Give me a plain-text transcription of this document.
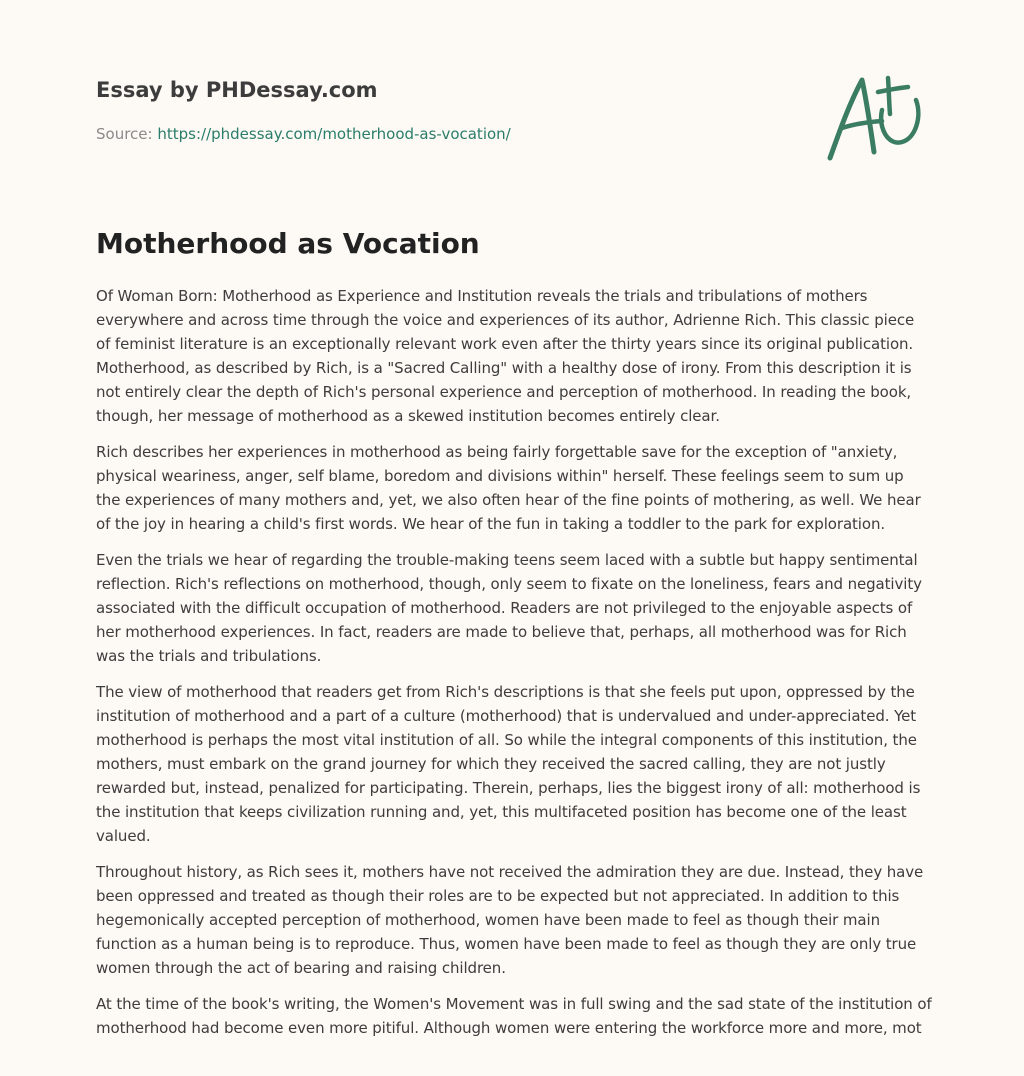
Essay by PHDessay.com
Source: https://phdessay.com/motherhood-as-vocation/
Motherhood as Vocation

Of Woman Born: Motherhood as Experience and Institution reveals the trials and tribulations of mothers everywhere and across time through the voice and experiences of its author, Adrienne Rich. This classic piece of feminist literature is an exceptionally relevant work even after the thirty years since its original publication. Motherhood, as described by Rich, is a "Sacred Calling" with a healthy dose of irony. From this description it is not entirely clear the depth of Rich's personal experience and perception of motherhood. In reading the book, though, her message of motherhood as a skewed institution becomes entirely clear.

Rich describes her experiences in motherhood as being fairly forgettable save for the exception of "anxiety, physical weariness, anger, self blame, boredom and divisions within" herself. These feelings seem to sum up the experiences of many mothers and, yet, we also often hear of the fine points of mothering, as well. We hear of the joy in hearing a child's first words. We hear of the fun in taking a toddler to the park for exploration.

Even the trials we hear of regarding the trouble-making teens seem laced with a subtle but happy sentimental reflection. Rich's reflections on motherhood, though, only seem to fixate on the loneliness, fears and negativity associated with the difficult occupation of motherhood. Readers are not privileged to the enjoyable aspects of her motherhood experiences. In fact, readers are made to believe that, perhaps, all motherhood was for Rich was the trials and tribulations.

The view of motherhood that readers get from Rich's descriptions is that she feels put upon, oppressed by the institution of motherhood and a part of a culture (motherhood) that is undervalued and under-appreciated. Yet motherhood is perhaps the most vital institution of all. So while the integral components of this institution, the mothers, must embark on the grand journey for which they received the sacred calling, they are not justly rewarded but, instead, penalized for participating. Therein, perhaps, lies the biggest irony of all: motherhood is the institution that keeps civilization running and, yet, this multifaceted position has become one of the least valued.

Throughout history, as Rich sees it, mothers have not received the admiration they are due. Instead, they have been oppressed and treated as though their roles are to be expected but not appreciated. In addition to this hegemonically accepted perception of motherhood, women have been made to feel as though their main function as a human being is to reproduce. Thus, women have been made to feel as though they are only true women through the act of bearing and raising children.

At the time of the book's writing, the Women's Movement was in full swing and the sad state of the institution of motherhood had become even more pitiful. Although women were entering the workforce more and more, mot
